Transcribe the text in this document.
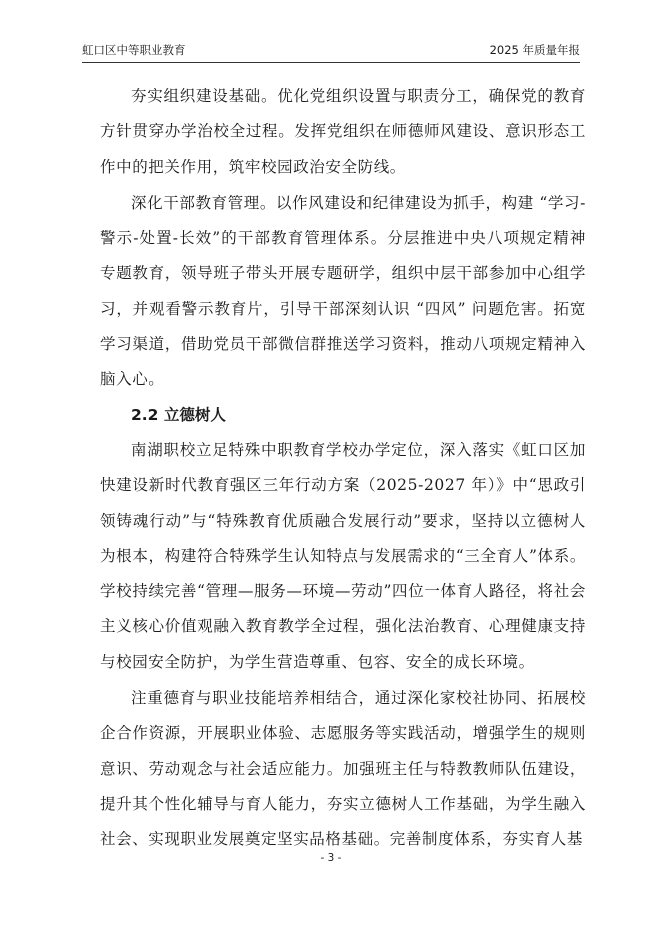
虹口区中等职业教育	2025 年质量年报

夯实组织建设基础。优化党组织设置与职责分工，确保党的教育方针贯穿办学治校全过程。发挥党组织在师德师风建设、意识形态工作中的把关作用，筑牢校园政治安全防线。

深化干部教育管理。以作风建设和纪律建设为抓手，构建 “学习-警示-处置-长效”的干部教育管理体系。分层推进中央八项规定精神专题教育，领导班子带头开展专题研学，组织中层干部参加中心组学习，并观看警示教育片，引导干部深刻认识 “四风” 问题危害。拓宽学习渠道，借助党员干部微信群推送学习资料，推动八项规定精神入脑入心。

2.2 立德树人

南湖职校立足特殊中职教育学校办学定位，深入落实《虹口区加快建设新时代教育强区三年行动方案（2025-2027 年）》中“思政引领铸魂行动”与“特殊教育优质融合发展行动”要求，坚持以立德树人为根本，构建符合特殊学生认知特点与发展需求的“三全育人”体系。学校持续完善“管理—服务—环境—劳动”四位一体育人路径，将社会主义核心价值观融入教育教学全过程，强化法治教育、心理健康支持与校园安全防护，为学生营造尊重、包容、安全的成长环境。

注重德育与职业技能培养相结合，通过深化家校社协同、拓展校企合作资源，开展职业体验、志愿服务等实践活动，增强学生的规则意识、劳动观念与社会适应能力。加强班主任与特教教师队伍建设，提升其个性化辅导与育人能力，夯实立德树人工作基础，为学生融入社会、实现职业发展奠定坚实品格基础。完善制度体系，夯实育人基

- 3 -
